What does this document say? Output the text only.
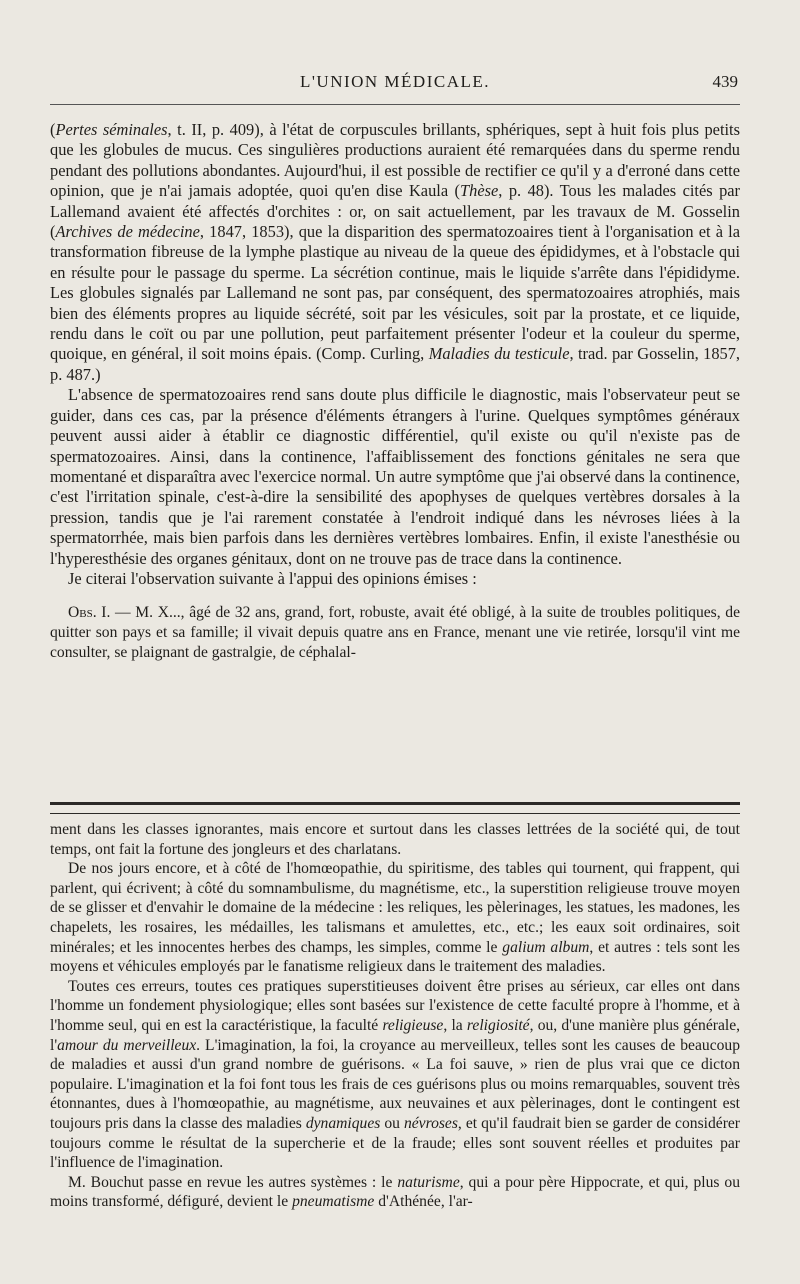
L'UNION MÉDICALE.	439

(Pertes séminales, t. II, p. 409), à l'état de corpuscules brillants, sphériques, sept à huit fois plus petits que les globules de mucus. Ces singulières productions auraient été remarquées dans du sperme rendu pendant des pollutions abondantes. Aujourd'hui, il est possible de rectifier ce qu'il y a d'erroné dans cette opinion, que je n'ai jamais adoptée, quoi qu'en dise Kaula (Thèse, p. 48). Tous les malades cités par Lallemand avaient été affectés d'orchites : or, on sait actuellement, par les travaux de M. Gosselin (Archives de médecine, 1847, 1853), que la disparition des spermatozoaires tient à l'organisation et à la transformation fibreuse de la lymphe plastique au niveau de la queue des épididymes, et à l'obstacle qui en résulte pour le passage du sperme. La sécrétion continue, mais le liquide s'arrête dans l'épididyme. Les globules signalés par Lallemand ne sont pas, par conséquent, des spermatozoaires atrophiés, mais bien des éléments propres au liquide sécrété, soit par les vésicules, soit par la prostate, et ce liquide, rendu dans le coït ou par une pollution, peut parfaitement présenter l'odeur et la couleur du sperme, quoique, en général, il soit moins épais. (Comp. Curling, Maladies du testicule, trad. par Gosselin, 1857, p. 487.)

L'absence de spermatozoaires rend sans doute plus difficile le diagnostic, mais l'observateur peut se guider, dans ces cas, par la présence d'éléments étrangers à l'urine. Quelques symptômes généraux peuvent aussi aider à établir ce diagnostic différentiel, qu'il existe ou qu'il n'existe pas de spermatozoaires. Ainsi, dans la continence, l'affaiblissement des fonctions génitales ne sera que momentané et disparaîtra avec l'exercice normal. Un autre symptôme que j'ai observé dans la continence, c'est l'irritation spinale, c'est-à-dire la sensibilité des apophyses de quelques vertèbres dorsales à la pression, tandis que je l'ai rarement constatée à l'endroit indiqué dans les névroses liées à la spermatorrhée, mais bien parfois dans les dernières vertèbres lombaires. Enfin, il existe l'anesthésie ou l'hyperesthésie des organes génitaux, dont on ne trouve pas de trace dans la continence.

Je citerai l'observation suivante à l'appui des opinions émises :

Obs. I. — M. X..., âgé de 32 ans, grand, fort, robuste, avait été obligé, à la suite de troubles politiques, de quitter son pays et sa famille; il vivait depuis quatre ans en France, menant une vie retirée, lorsqu'il vint me consulter, se plaignant de gastralgie, de céphalal-

ment dans les classes ignorantes, mais encore et surtout dans les classes lettrées de la société qui, de tout temps, ont fait la fortune des jongleurs et des charlatans.

De nos jours encore, et à côté de l'homœopathie, du spiritisme, des tables qui tournent, qui frappent, qui parlent, qui écrivent; à côté du somnambulisme, du magnétisme, etc., la superstition religieuse trouve moyen de se glisser et d'envahir le domaine de la médecine : les reliques, les pèlerinages, les statues, les madones, les chapelets, les rosaires, les médailles, les talismans et amulettes, etc., etc.; les eaux soit ordinaires, soit minérales; et les innocentes herbes des champs, les simples, comme le galium album, et autres : tels sont les moyens et véhicules employés par le fanatisme religieux dans le traitement des maladies.

Toutes ces erreurs, toutes ces pratiques superstitieuses doivent être prises au sérieux, car elles ont dans l'homme un fondement physiologique; elles sont basées sur l'existence de cette faculté propre à l'homme, et à l'homme seul, qui en est la caractéristique, la faculté religieuse, la religiosité, ou, d'une manière plus générale, l'amour du merveilleux. L'imagination, la foi, la croyance au merveilleux, telles sont les causes de beaucoup de maladies et aussi d'un grand nombre de guérisons. « La foi sauve, » rien de plus vrai que ce dicton populaire. L'imagination et la foi font tous les frais de ces guérisons plus ou moins remarquables, souvent très étonnantes, dues à l'homœopathie, au magnétisme, aux neuvaines et aux pèlerinages, dont le contingent est toujours pris dans la classe des maladies dynamiques ou névroses, et qu'il faudrait bien se garder de considérer toujours comme le résultat de la supercherie et de la fraude; elles sont souvent réelles et produites par l'influence de l'imagination.

M. Bouchut passe en revue les autres systèmes : le naturisme, qui a pour père Hippocrate, et qui, plus ou moins transformé, défiguré, devient le pneumatisme d'Athénée, l'ar-
